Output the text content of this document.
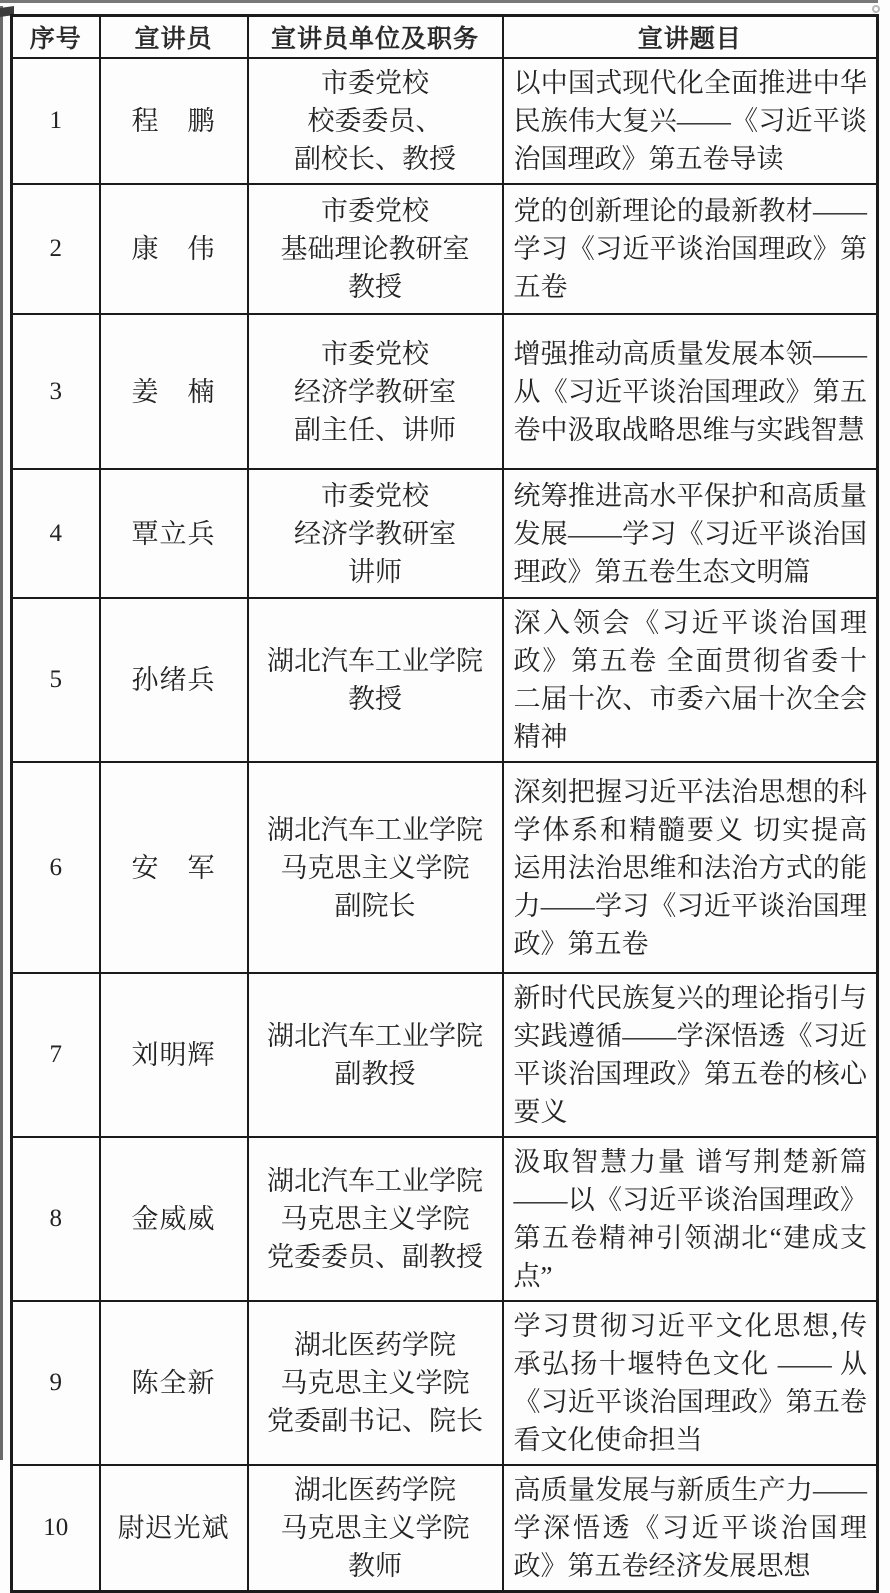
序号	宣讲员	宣讲员单位及职务	宣讲题目
1	程　鹏	市委党校
校委委员、
副校长、教授	以中国式现代化全面推进中华民族伟大复兴——《习近平谈治国理政》第五卷导读

2	康　伟	市委党校
基础理论教研室
教授	党的创新理论的最新教材——学习《习近平谈治国理政》第五卷

3	姜　楠	市委党校
经济学教研室
副主任、讲师	增强推动高质量发展本领——从《习近平谈治国理政》第五卷中汲取战略思维与实践智慧

4	覃立兵	市委党校
经济学教研室
讲师	统筹推进高水平保护和高质量发展——学习《习近平谈治国理政》第五卷生态文明篇

5	孙绪兵	湖北汽车工业学院
教授	深入领会《习近平谈治国理政》第五卷 全面贯彻省委十二届十次、市委六届十次全会精神

6	安　军	湖北汽车工业学院
马克思主义学院
副院长	深刻把握习近平法治思想的科学体系和精髓要义 切实提高运用法治思维和法治方式的能力——学习《习近平谈治国理政》第五卷

7	刘明辉	湖北汽车工业学院
副教授	新时代民族复兴的理论指引与实践遵循——学深悟透《习近平谈治国理政》第五卷的核心要义

8	金威威	湖北汽车工业学院
马克思主义学院
党委委员、副教授	汲取智慧力量 谱写荆楚新篇——以《习近平谈治国理政》第五卷精神引领湖北“建成支点”

9	陈全新	湖北医药学院
马克思主义学院
党委副书记、院长	学习贯彻习近平文化思想,传承弘扬十堰特色文化 —— 从《习近平谈治国理政》第五卷看文化使命担当

10	尉迟光斌	湖北医药学院
马克思主义学院
教师	高质量发展与新质生产力——学深悟透《习近平谈治国理政》第五卷经济发展思想
